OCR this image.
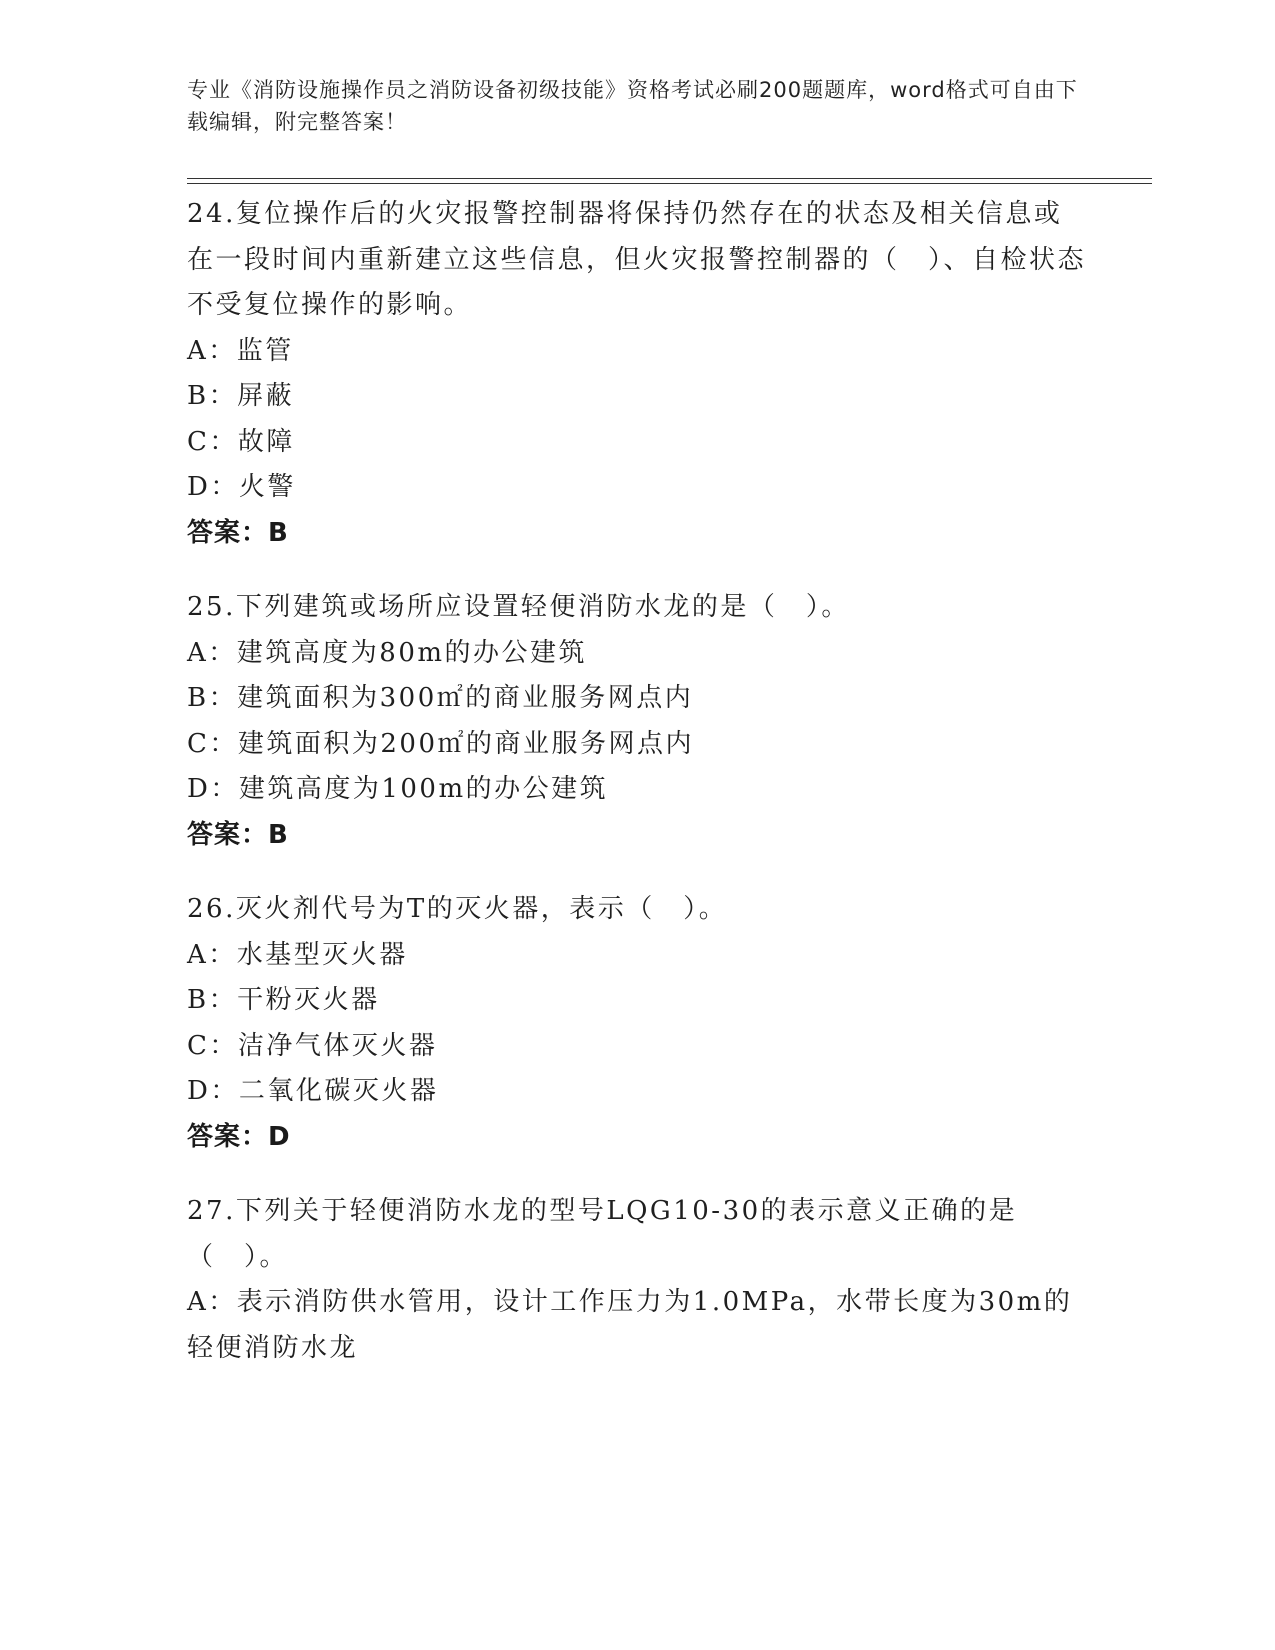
专业《消防设施操作员之消防设备初级技能》资格考试必刷200题题库，word格式可自由下载编辑，附完整答案！

24.复位操作后的火灾报警控制器将保持仍然存在的状态及相关信息或在一段时间内重新建立这些信息，但火灾报警控制器的（　）、自检状态不受复位操作的影响。

A：监管

B：屏蔽

C：故障

D：火警

答案：B

25.下列建筑或场所应设置轻便消防水龙的是（　）。

A：建筑高度为80m的办公建筑

B：建筑面积为300㎡的商业服务网点内

C：建筑面积为200㎡的商业服务网点内

D：建筑高度为100m的办公建筑

答案：B

26.灭火剂代号为T的灭火器，表示（　）。

A：水基型灭火器

B：干粉灭火器

C：洁净气体灭火器

D：二氧化碳灭火器

答案：D

27.下列关于轻便消防水龙的型号LQG10-30的表示意义正确的是（　）。

A：表示消防供水管用，设计工作压力为1.0MPa，水带长度为30m的轻便消防水龙
